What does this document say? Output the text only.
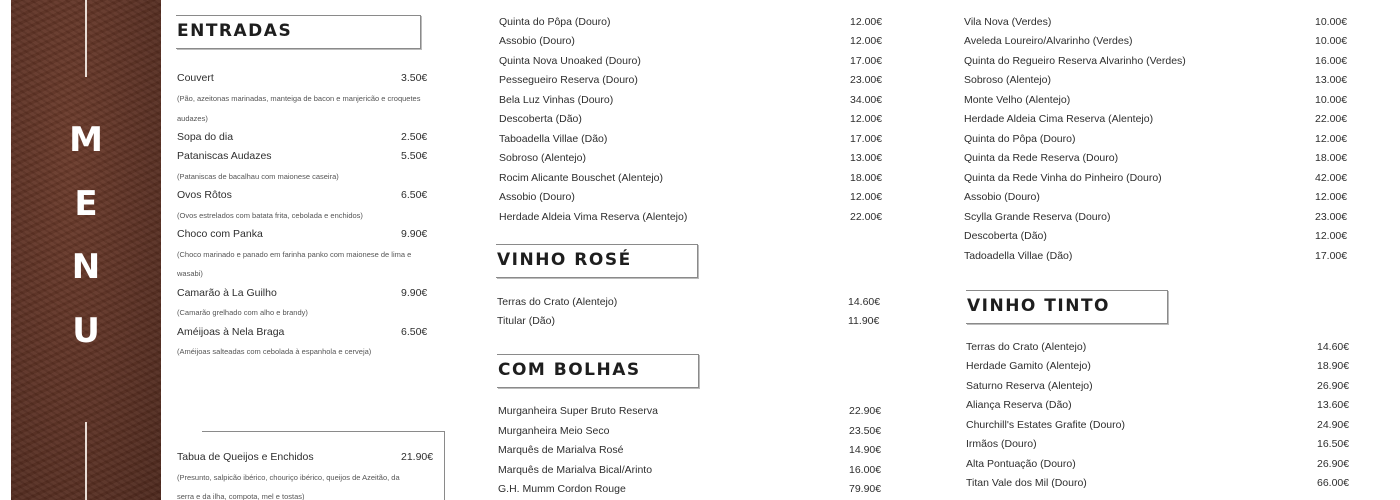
M
E
N
U
ENTRADAS
Couvert	3.50€
(Pão, azeitonas marinadas, manteiga de bacon e manjericão e croquetes
audazes)
Sopa do dia	2.50€
Pataniscas Audazes	5.50€
(Pataniscas de bacalhau com maionese caseira)
Ovos Rôtos	6.50€
(Ovos estrelados com batata frita, cebolada e enchidos)
Choco com Panka	9.90€
(Choco marinado e panado em farinha panko com maionese de lima e
wasabi)
Camarão à La Guilho	9.90€
(Camarão grelhado com alho e brandy)
Améijoas à Nela Braga	6.50€
(Améijoas salteadas com cebolada à espanhola e cerveja)
Tabua de Queijos e Enchidos	21.90€
(Presunto, salpicão ibérico, chouriço ibérico, queijos de Azeitão, da
serra e da ilha, compota, mel e tostas)
Quinta do Pôpa (Douro)	12.00€
Assobio (Douro)	12.00€
Quinta Nova Unoaked (Douro)	17.00€
Pessegueiro Reserva (Douro)	23.00€
Bela Luz Vinhas (Douro)	34.00€
Descoberta (Dão)	12.00€
Taboadella Villae (Dão)	17.00€
Sobroso (Alentejo)	13.00€
Rocim Alicante Bouschet (Alentejo)	18.00€
Assobio (Douro)	12.00€
Herdade Aldeia Vima Reserva (Alentejo)	22.00€
VINHO ROSÉ
Terras do Crato (Alentejo)	14.60€
Titular (Dão)	11.90€
COM BOLHAS
Murganheira Super Bruto Reserva	22.90€
Murganheira Meio Seco	23.50€
Marquês de Marialva Rosé	14.90€
Marquês de Marialva Bical/Arinto	16.00€
G.H. Mumm Cordon Rouge	79.90€
Vila Nova (Verdes)	10.00€
Aveleda Loureiro/Alvarinho (Verdes)	10.00€
Quinta do Regueiro Reserva Alvarinho (Verdes)	16.00€
Sobroso (Alentejo)	13.00€
Monte Velho (Alentejo)	10.00€
Herdade Aldeia Cima Reserva (Alentejo)	22.00€
Quinta do Pôpa (Douro)	12.00€
Quinta da Rede Reserva (Douro)	18.00€
Quinta da Rede Vinha do Pinheiro (Douro)	42.00€
Assobio (Douro)	12.00€
Scylla Grande Reserva (Douro)	23.00€
Descoberta (Dão)	12.00€
Tadoadella Villae (Dão)	17.00€
VINHO TINTO
Terras do Crato (Alentejo)	14.60€
Herdade Gamito (Alentejo)	18.90€
Saturno Reserva (Alentejo)	26.90€
Aliança Reserva (Dão)	13.60€
Churchill's Estates Grafite (Douro)	24.90€
Irmãos (Douro)	16.50€
Alta Pontuação (Douro)	26.90€
Titan Vale dos Mil (Douro)	66.00€
